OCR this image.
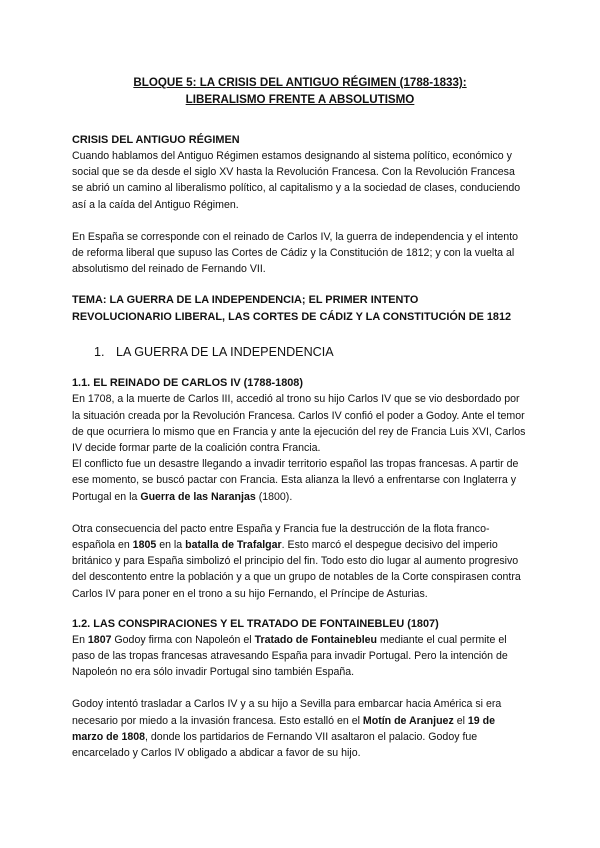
BLOQUE 5: LA CRISIS DEL ANTIGUO RÉGIMEN (1788-1833):
LIBERALISMO FRENTE A ABSOLUTISMO
CRISIS DEL ANTIGUO RÉGIMEN

Cuando hablamos del Antiguo Régimen estamos designando al sistema político, económico y social que se da desde el siglo XV hasta la Revolución Francesa. Con la Revolución Francesa se abrió un camino al liberalismo político, al capitalismo y a la sociedad de clases, conduciendo así a la caída del Antiguo Régimen.

En España se corresponde con el reinado de Carlos IV, la guerra de independencia y el intento de reforma liberal que supuso las Cortes de Cádiz y la Constitución de 1812; y con la vuelta al absolutismo del reinado de Fernando VII.

TEMA: LA GUERRA DE LA INDEPENDENCIA; EL PRIMER INTENTO
REVOLUCIONARIO LIBERAL, LAS CORTES DE CÁDIZ Y LA CONSTITUCIÓN DE 1812
1. LA GUERRA DE LA INDEPENDENCIA
1.1. EL REINADO DE CARLOS IV (1788-1808)

En 1708, a la muerte de Carlos III, accedió al trono su hijo Carlos IV que se vio desbordado por la situación creada por la Revolución Francesa. Carlos IV confió el poder a Godoy. Ante el temor de que ocurriera lo mismo que en Francia y ante la ejecución del rey de Francia Luis XVI, Carlos IV decide formar parte de la coalición contra Francia.

El conflicto fue un desastre llegando a invadir territorio español las tropas francesas. A partir de ese momento, se buscó pactar con Francia. Esta alianza la llevó a enfrentarse con Inglaterra y Portugal en la Guerra de las Naranjas (1800).

Otra consecuencia del pacto entre España y Francia fue la destrucción de la flota franco-española en 1805 en la batalla de Trafalgar. Esto marcó el despegue decisivo del imperio británico y para España simbolizó el principio del fin. Todo esto dio lugar al aumento progresivo del descontento entre la población y a que un grupo de notables de la Corte conspirasen contra Carlos IV para poner en el trono a su hijo Fernando, el Príncipe de Asturias.

1.2. LAS CONSPIRACIONES Y EL TRATADO DE FONTAINEBLEU (1807)

En 1807 Godoy firma con Napoleón el Tratado de Fontainebleu mediante el cual permite el paso de las tropas francesas atravesando España para invadir Portugal. Pero la intención de Napoleón no era sólo invadir Portugal sino también España.

Godoy intentó trasladar a Carlos IV y a su hijo a Sevilla para embarcar hacia América si era necesario por miedo a la invasión francesa. Esto estalló en el Motín de Aranjuez el 19 de marzo de 1808, donde los partidarios de Fernando VII asaltaron el palacio. Godoy fue encarcelado y Carlos IV obligado a abdicar a favor de su hijo.
